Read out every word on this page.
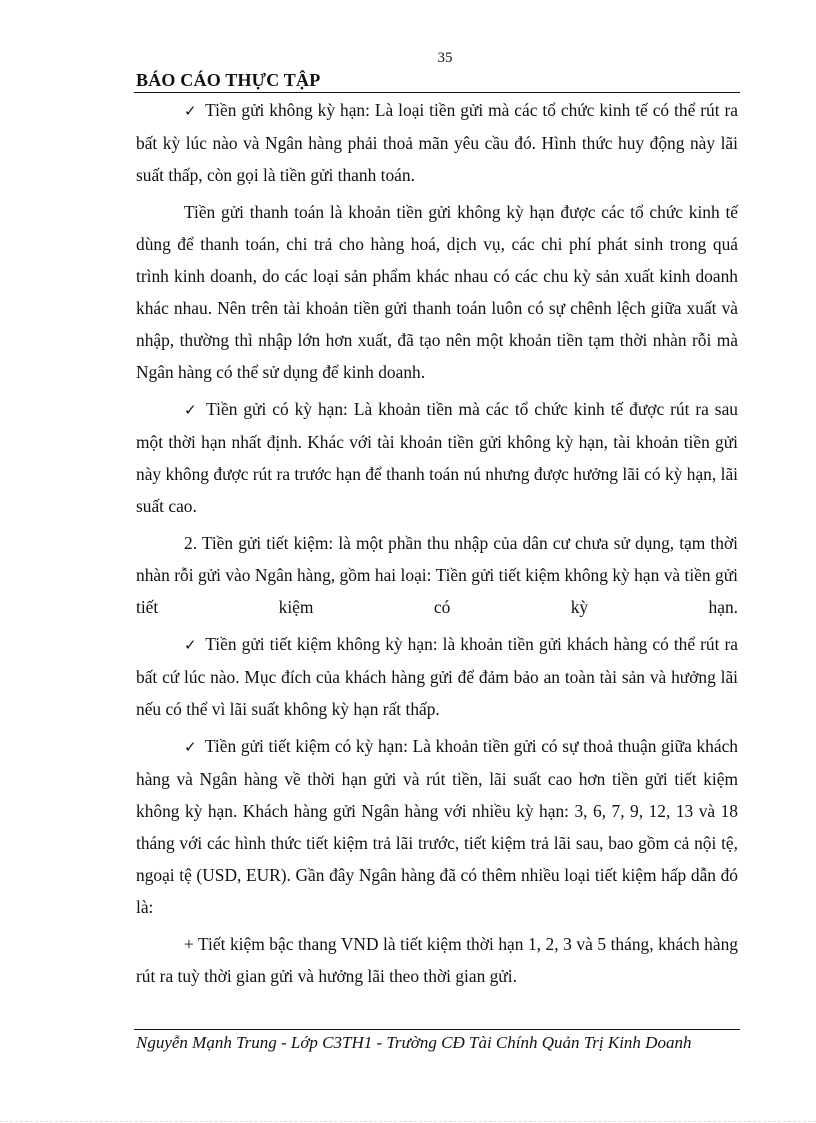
35
BÁO CÁO THỰC TẬP

✓ Tiền gửi không kỳ hạn: Là loại tiền gửi mà các tổ chức kinh tế có thể rút ra bất kỳ lúc nào và Ngân hàng phải thoả mãn yêu cầu đó. Hình thức huy động này lãi suất thấp, còn gọi là tiền gửi thanh toán.

Tiền gửi thanh toán là khoản tiền gửi không kỳ hạn được các tổ chức kinh tế dùng để thanh toán, chi trả cho hàng hoá, dịch vụ, các chi phí phát sinh trong quá trình kinh doanh, do các loại sản phẩm khác nhau có các chu kỳ sản xuất kinh doanh khác nhau. Nên trên tài khoản tiền gửi thanh toán luôn có sự chênh lệch giữa xuất và nhập, thường thì nhập lớn hơn xuất, đã tạo nên một khoản tiền tạm thời nhàn rỗi mà Ngân hàng có thể sử dụng để kinh doanh.

✓ Tiền gửi có kỳ hạn: Là khoản tiền mà các tổ chức kinh tế được rút ra sau một thời hạn nhất định. Khác với tài khoản tiền gửi không kỳ hạn, tài khoản tiền gửi này không được rút ra trước hạn để thanh toán nú nhưng được hưởng lãi có kỳ hạn, lãi suất cao.

2. Tiền gửi tiết kiệm: là một phần thu nhập của dân cư chưa sử dụng, tạm thời nhàn rỗi gửi vào Ngân hàng, gồm hai loại: Tiền gửi tiết kiệm không kỳ hạn và tiền gửi tiết kiệm có kỳ hạn.

✓ Tiền gửi tiết kiệm không kỳ hạn: là khoản tiền gửi khách hàng có thể rút ra bất cứ lúc nào. Mục đích của khách hàng gửi để đảm bảo an toàn tài sản và hưởng lãi nếu có thể vì lãi suất không kỳ hạn rất thấp.

✓ Tiền gửi tiết kiệm có kỳ hạn: Là khoản tiền gửi có sự thoả thuận giữa khách hàng và Ngân hàng về thời hạn gửi và rút tiền, lãi suất cao hơn tiền gửi tiết kiệm không kỳ hạn. Khách hàng gửi Ngân hàng với nhiều kỳ hạn: 3, 6, 7, 9, 12, 13 và 18 tháng với các hình thức tiết kiệm trả lãi trước, tiết kiệm trả lãi sau, bao gồm cả nội tệ, ngoại tệ (USD, EUR). Gần đây Ngân hàng đã có thêm nhiều loại tiết kiệm hấp dẫn đó là:

+ Tiết kiệm bậc thang VND là tiết kiệm thời hạn 1, 2, 3 và 5 tháng, khách hàng rút ra tuỳ thời gian gửi và hưởng lãi theo thời gian gửi.

Nguyễn Mạnh Trung - Lớp C3TH1 - Trường CĐ Tài Chính Quản Trị Kinh Doanh
